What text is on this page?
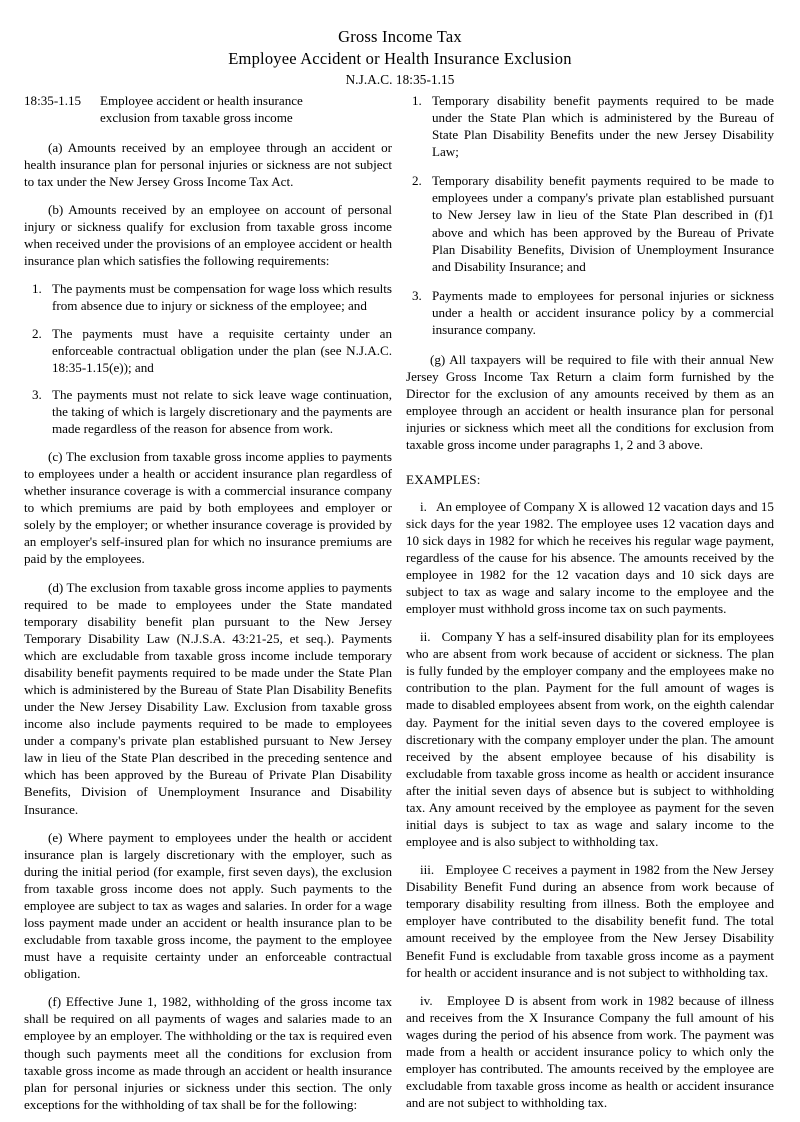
Gross Income Tax
Employee Accident or Health Insurance Exclusion
N.J.A.C. 18:35-1.15
18:35-1.15	Employee accident or health insurance
exclusion from taxable gross income

(a) Amounts received by an employee through an accident or health insurance plan for personal injuries or sickness are not subject to tax under the New Jersey Gross Income Tax Act.

(b) Amounts received by an employee on account of personal injury or sickness qualify for exclusion from taxable gross income when received under the provisions of an employee accident or health insurance plan which satisfies the following requirements:

1. The payments must be compensation for wage loss which results from absence due to injury or sickness of the employee; and
2. The payments must have a requisite certainty under an enforceable contractual obligation under the plan (see N.J.A.C. 18:35-1.15(e)); and
3. The payments must not relate to sick leave wage continuation, the taking of which is largely discretionary and the payments are made regardless of the reason for absence from work.

(c) The exclusion from taxable gross income applies to payments to employees under a health or accident insurance plan regardless of whether insurance coverage is with a commercial insurance company to which premiums are paid by both employees and employer or solely by the employer; or whether insurance coverage is provided by an employer's self-insured plan for which no insurance premiums are paid by the employees.

(d) The exclusion from taxable gross income applies to payments required to be made to employees under the State mandated temporary disability benefit plan pursuant to the New Jersey Temporary Disability Law (N.J.S.A. 43:21-25, et seq.). Payments which are excludable from taxable gross income include temporary disability benefit payments required to be made under the State Plan which is administered by the Bureau of State Plan Disability Benefits under the New Jersey Disability Law. Exclusion from taxable gross income also include payments required to be made to employees under a company's private plan established pursuant to New Jersey law in lieu of the State Plan described in the preceding sentence and which has been approved by the Bureau of Private Plan Disability Benefits, Division of Unemployment Insurance and Disability Insurance.

(e) Where payment to employees under the health or accident insurance plan is largely discretionary with the employer, such as during the initial period (for example, first seven days), the exclusion from taxable gross income does not apply. Such payments to the employee are subject to tax as wages and salaries. In order for a wage loss payment made under an accident or health insurance plan to be excludable from taxable gross income, the payment to the employee must have a requisite certainty under an enforceable contractual obligation.

(f) Effective June 1, 1982, withholding of the gross income tax shall be required on all payments of wages and salaries made to an employee by an employer. The withholding or the tax is required even though such payments meet all the conditions for exclusion from taxable gross income as made through an accident or health insurance plan for personal injuries or sickness under this section. The only exceptions for the withholding of tax shall be for the following:

1. Temporary disability benefit payments required to be made under the State Plan which is administered by the Bureau of State Plan Disability Benefits under the new Jersey Disability Law;
2. Temporary disability benefit payments required to be made to employees under a company's private plan established pursuant to New Jersey law in lieu of the State Plan described in (f)1 above and which has been approved by the Bureau of Private Plan Disability Benefits, Division of Unemployment Insurance and Disability Insurance; and
3. Payments made to employees for personal injuries or sickness under a health or accident insurance policy by a commercial insurance company.

(g) All taxpayers will be required to file with their annual New Jersey Gross Income Tax Return a claim form furnished by the Director for the exclusion of any amounts received by them as an employee through an accident or health insurance plan for personal injuries or sickness which meet all the conditions for exclusion from taxable gross income under paragraphs 1, 2 and 3 above.

EXAMPLES:

i.   An employee of Company X is allowed 12 vacation days and 15 sick days for the year 1982. The employee uses 12 vacation days and 10 sick days in 1982 for which he receives his regular wage payment, regardless of the cause for his absence. The amounts received by the employee in 1982 for the 12 vacation days and 10 sick days are subject to tax as wage and salary income to the employee and the employer must withhold gross income tax on such payments.

ii.   Company Y has a self-insured disability plan for its employees who are absent from work because of accident or sickness. The plan is fully funded by the employer company and the employees make no contribution to the plan. Payment for the full amount of wages is made to disabled employees absent from work, on the eighth calendar day. Payment for the initial seven days to the covered employee is discretionary with the company employer under the plan. The amount received by the absent employee because of his disability is excludable from taxable gross income as health or accident insurance after the initial seven days of absence but is subject to withholding tax. Any amount received by the employee as payment for the seven initial days is subject to tax as wage and salary income to the employee and is also subject to withholding tax.

iii.   Employee C receives a payment in 1982 from the New Jersey Disability Benefit Fund during an absence from work because of temporary disability resulting from illness. Both the employee and employer have contributed to the disability benefit fund. The total amount received by the employee from the New Jersey Disability Benefit Fund is excludable from taxable gross income as a payment for health or accident insurance and is not subject to withholding tax.

iv.   Employee D is absent from work in 1982 because of illness and receives from the X Insurance Company the full amount of his wages during the period of his absence from work. The payment was made from a health or accident insurance policy to which only the employer has contributed. The amounts received by the employee are excludable from taxable gross income as health or accident insurance and are not subject to withholding tax.
